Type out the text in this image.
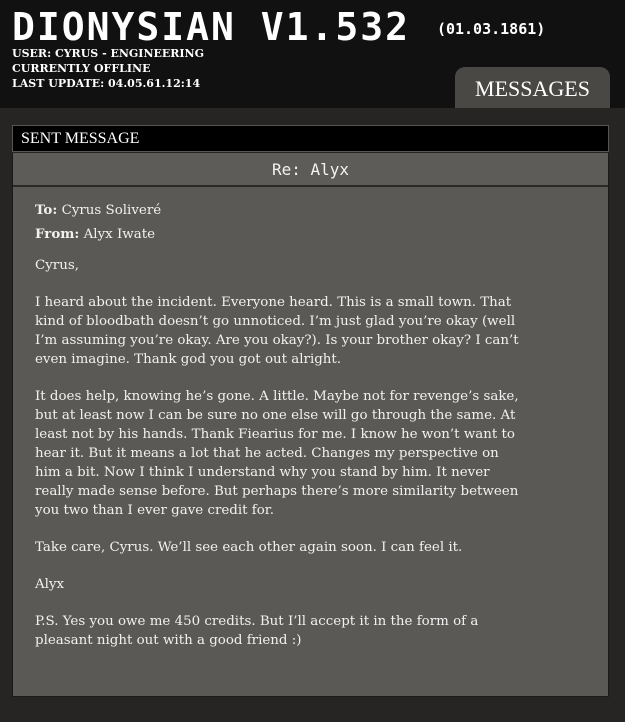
DIONYSIAN V1.532 (01.03.1861)
USER: CYRUS - ENGINEERING
CURRENTLY OFFLINE
LAST UPDATE: 04.05.61.12:14	MESSAGES
SENT MESSAGE
Re: Alyx
To: Cyrus Soliveré
From: Alyx Iwate

Cyrus,

I heard about the incident. Everyone heard. This is a small town. That
kind of bloodbath doesn’t go unnoticed. I’m just glad you’re okay (well
I’m assuming you’re okay. Are you okay?). Is your brother okay? I can’t
even imagine. Thank god you got out alright.

It does help, knowing he’s gone. A little. Maybe not for revenge’s sake,
but at least now I can be sure no one else will go through the same. At
least not by his hands. Thank Fiearius for me. I know he won’t want to
hear it. But it means a lot that he acted. Changes my perspective on
him a bit. Now I think I understand why you stand by him. It never
really made sense before. But perhaps there’s more similarity between
you two than I ever gave credit for.

Take care, Cyrus. We’ll see each other again soon. I can feel it.

Alyx

P.S. Yes you owe me 450 credits. But I’ll accept it in the form of a
pleasant night out with a good friend :)
